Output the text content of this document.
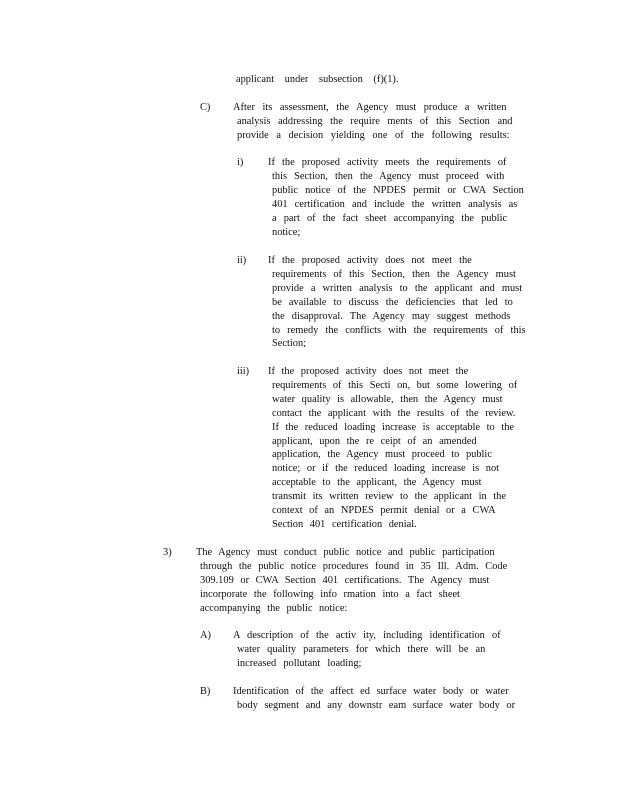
applicant under subsection (f)(1).

C) After its assessment, the Agency must produce a written

analysis addressing the require ments of this Section and

provide a decision yielding one of the following results:

i) If the proposed activity meets the requirements of

this Section, then the Agency must proceed with

public notice of the NPDES permit or CWA Section

401 certification and include the written analysis as

a part of the fact sheet accompanying the public

notice;

ii) If the proposed activity does not meet the

requirements of this Section, then the Agency must

provide a written analysis to the applicant and must

be available to discuss the deficiencies that led to

the disapproval. The Agency may suggest methods

to remedy the conflicts with the requirements of this

Section;

iii) If the proposed activity does not meet the

requirements of this Secti on, but some lowering of

water quality is allowable, then the Agency must

contact the applicant with the results of the review.

If the reduced loading increase is acceptable to the

applicant, upon the re ceipt of an amended

application, the Agency must proceed to public

notice; or if the reduced loading increase is not

acceptable to the applicant, the Agency must

transmit its written review to the applicant in the

context of an NPDES permit denial or a CWA

Section 401 certification denial.

3) The Agency must conduct public notice and public participation

through the public notice procedures found in 35 Ill. Adm. Code

309.109 or CWA Section 401 certifications. The Agency must

incorporate the following info rmation into a fact sheet

accompanying the public notice:

A) A description of the activ ity, including identification of

water quality parameters for which there will be an

increased pollutant loading;

B) Identification of the affect ed surface water body or water

body segment and any downstr eam surface water body or
